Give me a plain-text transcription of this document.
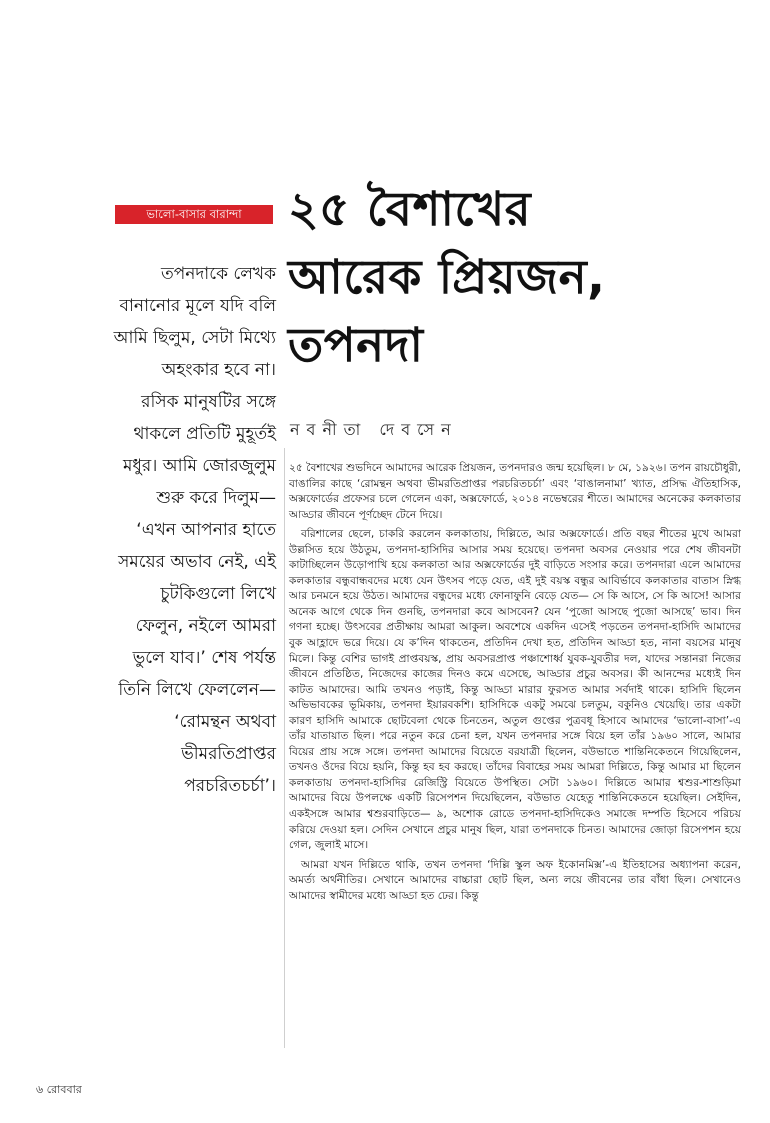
ভালো-বাসার বারান্দা ২৫ বৈশাখের
আরেক প্রিয়জন,
তপনদা
নবনীতা দেবসেন
তপনদাকে লেখক
বানানোর মূলে যদি বলি
আমি ছিলুম, সেটা মিথ্যে
অহংকার হবে না।
রসিক মানুষটির সঙ্গে
থাকলে প্রতিটি মুহূর্তই
মধুর। আমি জোরজুলুম
শুরু করে দিলুম—
‘এখন আপনার হাতে
সময়ের অভাব নেই, এই
চুটকিগুলো লিখে
ফেলুন, নইলে আমরা
ভুলে যাব।’ শেষ পর্যন্ত
তিনি লিখে ফেললেন—
‘রোমন্থন অথবা
ভীমরতিপ্রাপ্তর
পরচরিতচর্চা’।

২৫ বৈশাখের শুভদিনে আমাদের আরেক প্রিয়জন, তপনদারও জন্ম হয়েছিল। ৮ মে, ১৯২৬। তপন রায়চৌধুরী, বাঙালির কাছে ‘রোমন্থন অথবা ভীমরতিপ্রাপ্তর পরচরিতচর্চা’ এবং ‘বাঙালনামা’ খ্যাত, প্রসিদ্ধ ঐতিহাসিক, অক্সফোর্ডের প্রফেসর চলে গেলেন একা, অক্সফোর্ডে, ২০১৪ নভেম্বরের শীতে। আমাদের অনেকের কলকাতার আড্ডার জীবনে পূর্ণচ্ছেদ টেনে দিয়ে।

বরিশালের ছেলে, চাকরি করলেন কলকাতায়, দিল্লিতে, আর অক্সফোর্ডে। প্রতি বছর শীতের মুখে আমরা উল্লসিত হয়ে উঠতুম, তপনদা-হাসিদির আসার সময় হয়েছে। তপনদা অবসর নেওয়ার পরে শেষ জীবনটা কাটাচ্ছিলেন উড়োপাখি হয়ে কলকাতা আর অক্সফোর্ডের দুই বাড়িতে সংসার করে। তপনদারা এলে আমাদের কলকাতার বন্ধুবান্ধবদের মধ্যে যেন উৎসব পড়ে যেত, এই দুই বয়স্ক বন্ধুর আবির্ভাবে কলকাতার বাতাস স্নিগ্ধ আর চনমনে হয়ে উঠত। আমাদের বন্ধুদের মধ্যে ফোনাফুনি বেড়ে যেত— সে কি আসে, সে কি আসে! আসার অনেক আগে থেকে দিন গুনছি, তপনদারা কবে আসবেন? যেন ‘পুজো আসছে পুজো আসছে’ ভাব। দিন গণনা হচ্ছে। উৎসবের প্রতীক্ষায় আমরা আকুল। অবশেষে একদিন এসেই পড়তেন তপনদা-হাসিদি আমাদের বুক আহ্লাদে ভরে দিয়ে। যে ক’দিন থাকতেন, প্রতিদিন দেখা হত, প্রতিদিন আড্ডা হত, নানা বয়সের মানুষ মিলে। কিন্তু বেশির ভাগই প্রাপ্তবয়স্ক, প্রায় অবসরপ্রাপ্ত পঞ্চাশোর্ধ্ব যুবক-যুবতীর দল, যাদের সন্তানরা নিজের জীবনে প্রতিষ্ঠিত, নিজেদের কাজের দিনও কমে এসেছে, আড্ডার প্রচুর অবসর। কী আনন্দের মধ্যেই দিন কাটত আমাদের। আমি তখনও পড়াই, কিন্তু আড্ডা মারার ফুরসত আমার সর্বদাই থাকে। হাসিদি ছিলেন অভিভাবকের ভূমিকায়, তপনদা ইয়ারবকশি। হাসিদিকে একটু সমঝে চলতুম, বকুনিও খেয়েছি। তার একটা কারণ হাসিদি আমাকে ছোটবেলা থেকে চিনতেন, অতুল গুপ্তের পুত্রবধূ হিসাবে আমাদের ‘ভালো-বাসা’-এ তাঁর যাতায়াত ছিল। পরে নতুন করে চেনা হল, যখন তপনদার সঙ্গে বিয়ে হল তাঁর ১৯৬০ সালে, আমার বিয়ের প্রায় সঙ্গে সঙ্গে। তপনদা আমাদের বিয়েতে বরযাত্রী ছিলেন, বউভাতে শান্তিনিকেতনে গিয়েছিলেন, তখনও ওঁদের বিয়ে হয়নি, কিন্তু হব হব করছে। তাঁদের বিবাহের সময় আমরা দিল্লিতে, কিন্তু আমার মা ছিলেন কলকাতায় তপনদা-হাসিদির রেজিস্ট্রি বিয়েতে উপস্থিত। সেটা ১৯৬০। দিল্লিতে আমার শ্বশুর-শাশুড়িমা আমাদের বিয়ে উপলক্ষে একটি রিসেপশন দিয়েছিলেন, বউভাত যেহেতু শান্তিনিকেতনে হয়েছিল। সেইদিন, একইসঙ্গে আমার শ্বশুরবাড়িতে— ৯, অশোক রোডে তপনদা-হাসিদিকেও সমাজে দম্পতি হিসেবে পরিচয় করিয়ে দেওয়া হল। সেদিন সেখানে প্রচুর মানুষ ছিল, যারা তপনদাকে চিনত। আমাদের জোড়া রিসেপশন হয়ে গেল, জুলাই মাসে।

আমরা যখন দিল্লিতে থাকি, তখন তপনদা ‘দিল্লি স্কুল অফ ইকোনমিক্স’-এ ইতিহাসের অধ্যাপনা করেন, অমর্ত্য অর্থনীতির। সেখানে আমাদের বাচ্চারা ছোট ছিল, অন্য লয়ে জীবনের তার বাঁধা ছিল। সেখানেও আমাদের স্বামীদের মধ্যে আড্ডা হত ঢের। কিন্তু

৬ রোববার
